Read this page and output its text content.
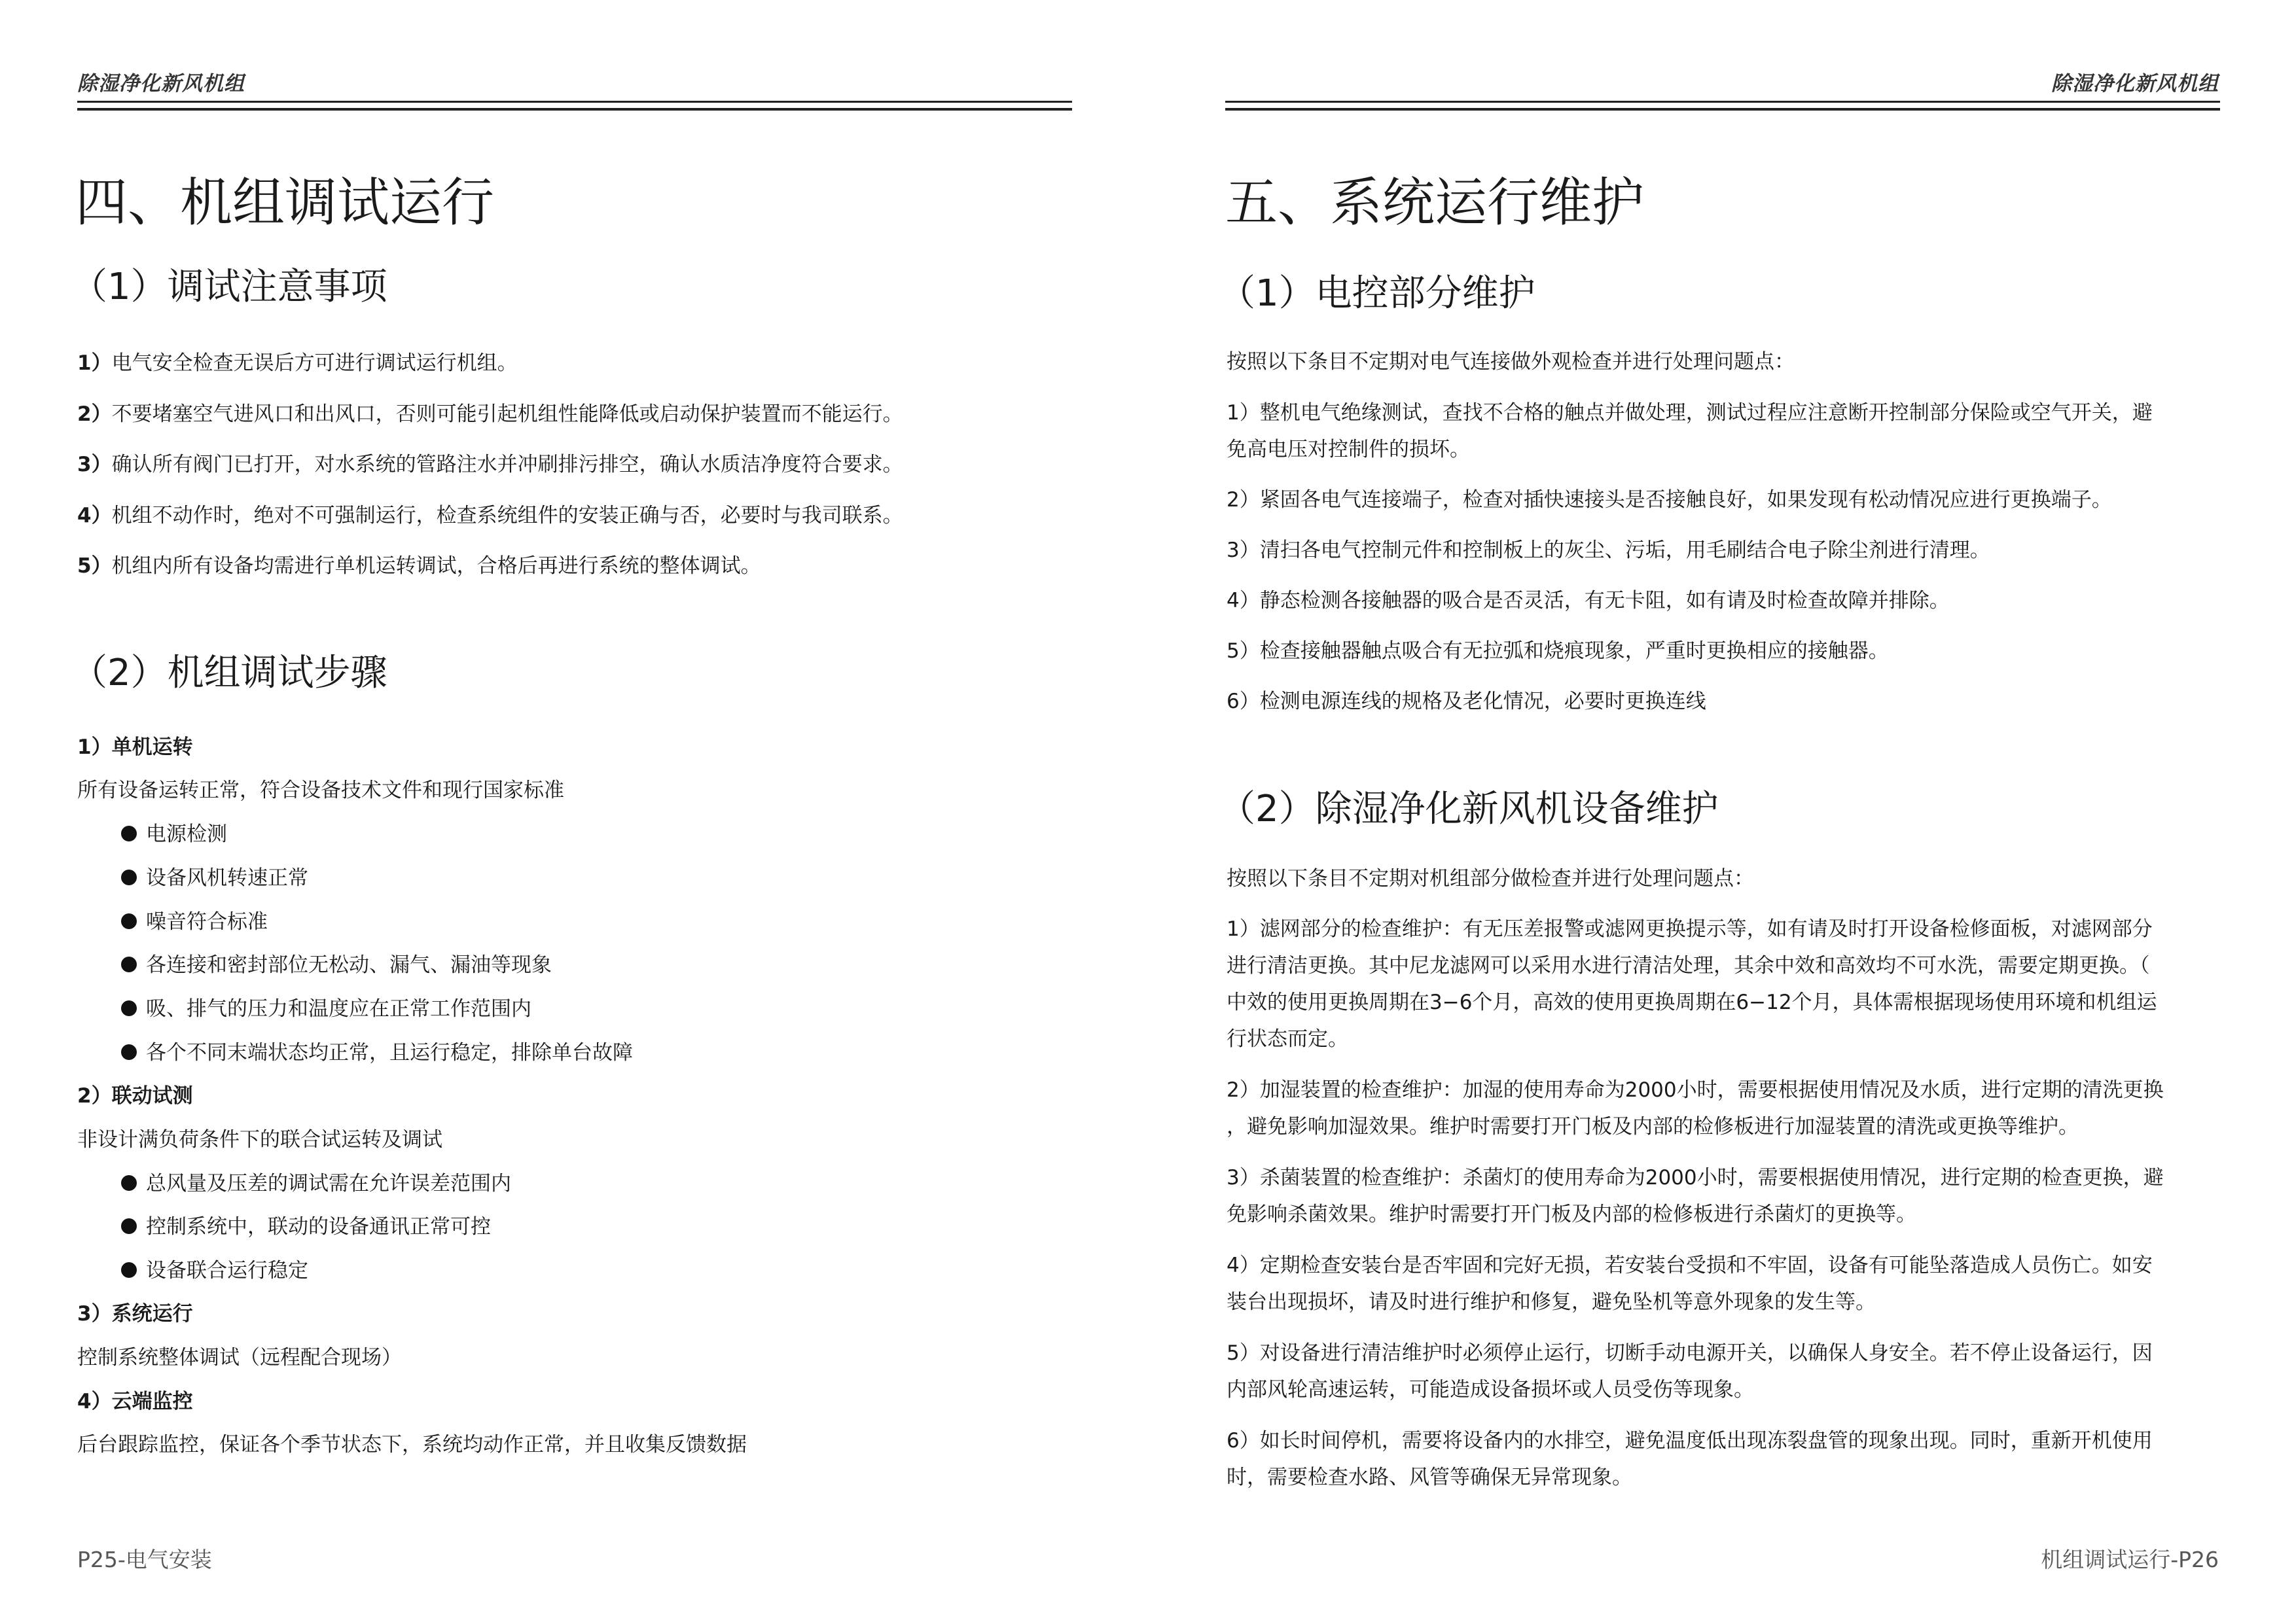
除湿净化新风机组
四、机组调试运行
（1）调试注意事项
1）电气安全检查无误后方可进行调试运行机组。
2）不要堵塞空气进风口和出风口，否则可能引起机组性能降低或启动保护装置而不能运行。
3）确认所有阀门已打开，对水系统的管路注水并冲刷排污排空，确认水质洁净度符合要求。
4）机组不动作时，绝对不可强制运行，检查系统组件的安装正确与否，必要时与我司联系。
5）机组内所有设备均需进行单机运转调试，合格后再进行系统的整体调试。
（2）机组调试步骤
1）单机运转
所有设备运转正常，符合设备技术文件和现行国家标准
电源检测
设备风机转速正常
噪音符合标准
各连接和密封部位无松动、漏气、漏油等现象
吸、排气的压力和温度应在正常工作范围内
各个不同末端状态均正常，且运行稳定，排除单台故障
2）联动试测
非设计满负荷条件下的联合试运转及调试
总风量及压差的调试需在允许误差范围内
控制系统中，联动的设备通讯正常可控
设备联合运行稳定
3）系统运行
控制系统整体调试（远程配合现场）
4）云端监控
后台跟踪监控，保证各个季节状态下，系统均动作正常，并且收集反馈数据
P25-电气安装
除湿净化新风机组
五、系统运行维护
（1）电控部分维护
按照以下条目不定期对电气连接做外观检查并进行处理问题点：
1）整机电气绝缘测试，查找不合格的触点并做处理，测试过程应注意断开控制部分保险或空气开关，避
免高电压对控制件的损坏。
2）紧固各电气连接端子，检查对插快速接头是否接触良好，如果发现有松动情况应进行更换端子。
3）清扫各电气控制元件和控制板上的灰尘、污垢，用毛刷结合电子除尘剂进行清理。
4）静态检测各接触器的吸合是否灵活，有无卡阻，如有请及时检查故障并排除。
5）检查接触器触点吸合有无拉弧和烧痕现象，严重时更换相应的接触器。
6）检测电源连线的规格及老化情况，必要时更换连线
（2）除湿净化新风机设备维护
按照以下条目不定期对机组部分做检查并进行处理问题点：
1）滤网部分的检查维护：有无压差报警或滤网更换提示等，如有请及时打开设备检修面板，对滤网部分
进行清洁更换。其中尼龙滤网可以采用水进行清洁处理，其余中效和高效均不可水洗，需要定期更换。（
中效的使用更换周期在3−6个月，高效的使用更换周期在6−12个月，具体需根据现场使用环境和机组运
行状态而定。
2）加湿装置的检查维护：加湿的使用寿命为2000小时，需要根据使用情况及水质，进行定期的清洗更换
，避免影响加湿效果。维护时需要打开门板及内部的检修板进行加湿装置的清洗或更换等维护。
3）杀菌装置的检查维护：杀菌灯的使用寿命为2000小时，需要根据使用情况，进行定期的检查更换，避
免影响杀菌效果。维护时需要打开门板及内部的检修板进行杀菌灯的更换等。
4）定期检查安装台是否牢固和完好无损，若安装台受损和不牢固，设备有可能坠落造成人员伤亡。如安
装台出现损坏，请及时进行维护和修复，避免坠机等意外现象的发生等。
5）对设备进行清洁维护时必须停止运行，切断手动电源开关，以确保人身安全。若不停止设备运行，因
内部风轮高速运转，可能造成设备损坏或人员受伤等现象。
6）如长时间停机，需要将设备内的水排空，避免温度低出现冻裂盘管的现象出现。同时，重新开机使用
时，需要检查水路、风管等确保无异常现象。
机组调试运行-P26
